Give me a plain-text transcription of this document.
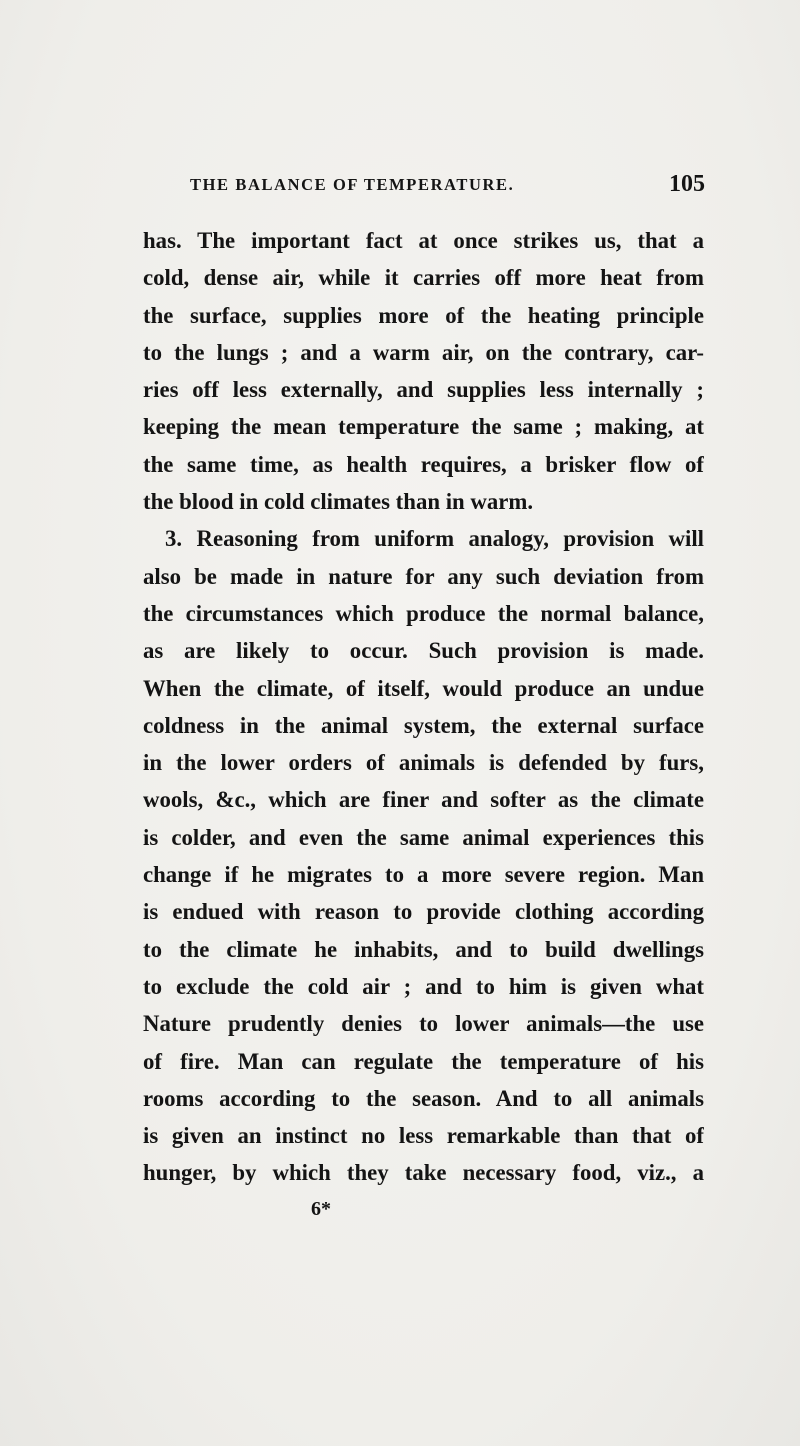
THE BALANCE OF TEMPERATURE.	105
has. The important fact at once strikes us, that a
cold, dense air, while it carries off more heat from
the surface, supplies more of the heating principle
to the lungs ; and a warm air, on the contrary, car-
ries off less externally, and supplies less internally ;
keeping the mean temperature the same ; making, at
the same time, as health requires, a brisker flow of
the blood in cold climates than in warm.
3. Reasoning from uniform analogy, provision will
also be made in nature for any such deviation from
the circumstances which produce the normal balance,
as are likely to occur. Such provision is made.
When the climate, of itself, would produce an undue
coldness in the animal system, the external surface
in the lower orders of animals is defended by furs,
wools, &c., which are finer and softer as the climate
is colder, and even the same animal experiences this
change if he migrates to a more severe region. Man
is endued with reason to provide clothing according
to the climate he inhabits, and to build dwellings
to exclude the cold air ; and to him is given what
Nature prudently denies to lower animals—the use
of fire. Man can regulate the temperature of his
rooms according to the season. And to all animals
is given an instinct no less remarkable than that of
hunger, by which they take necessary food, viz., a
6*
